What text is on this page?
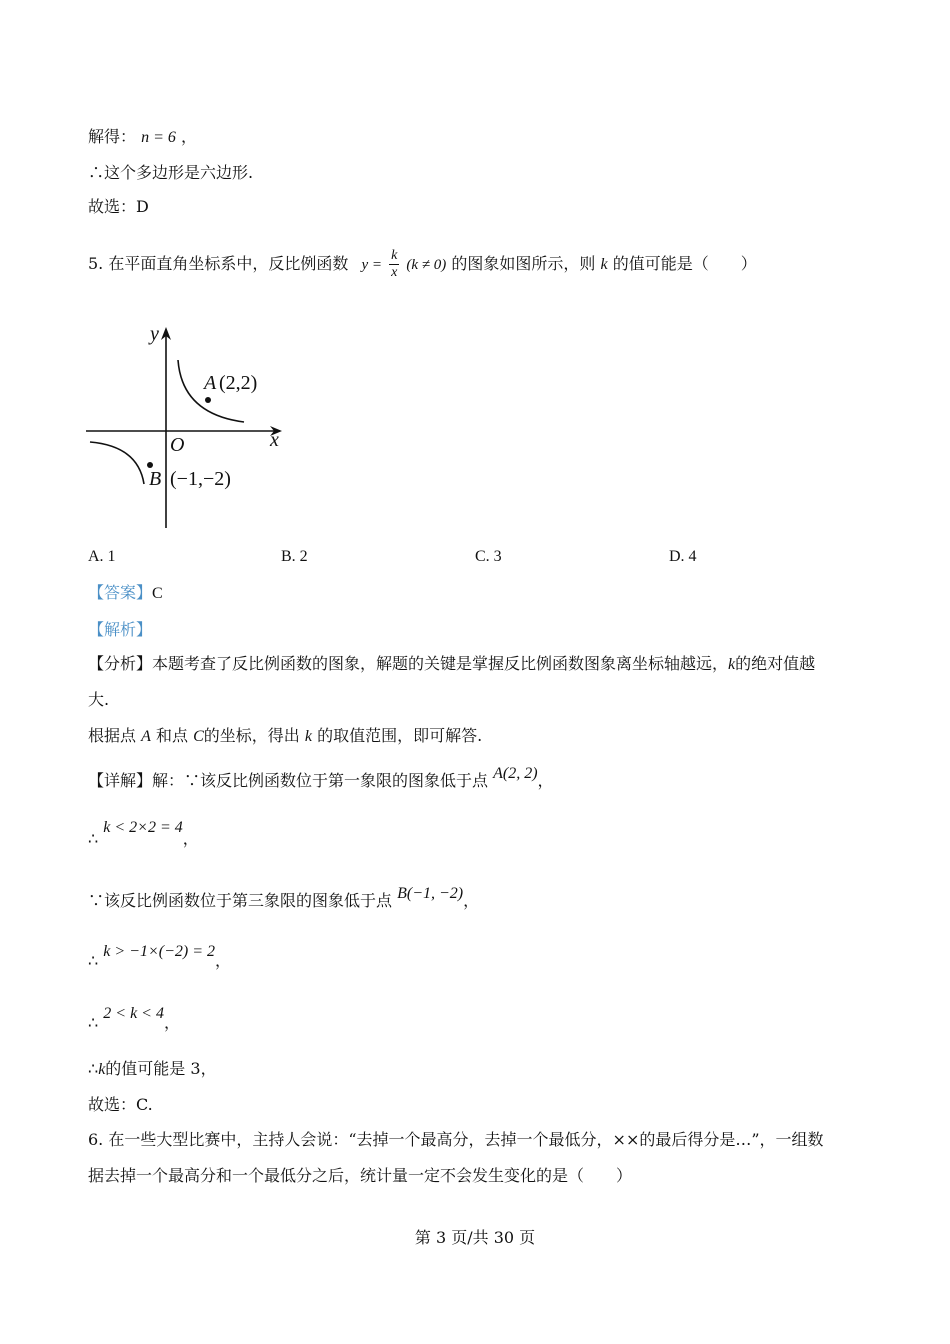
解得： n = 6 ，
∴这个多边形是六边形.
故选：D
5. 在平面直角坐标系中，反比例函数 $y = \frac{k}{x} (k \ne 0)$ 的图象如图所示，则 k 的值可能是（　　）
y
x
O
A (2,2)
B (−1,−2)
A. 1	B. 2	C. 3	D. 4
【答案】C
【解析】
【分析】本题考查了反比例函数的图象，解题的关键是掌握反比例函数图象离坐标轴越远，k的绝对值越
大.
根据点 A 和点 C的坐标，得出 k 的取值范围，即可解答.
【详解】解：∵该反比例函数位于第一象限的图象低于点 A(2, 2)，
∴ k < 2×2 = 4，
∵该反比例函数位于第三象限的图象低于点 B(−1, −2)，
∴ k > −1×(−2) = 2，
∴ 2 < k < 4，
∴k的值可能是 3，
故选：C.
6. 在一些大型比赛中，主持人会说：“去掉一个最高分，去掉一个最低分，××的最后得分是…”，一组数
据去掉一个最高分和一个最低分之后，统计量一定不会发生变化的是（　　）
第 3 页/共 30 页
